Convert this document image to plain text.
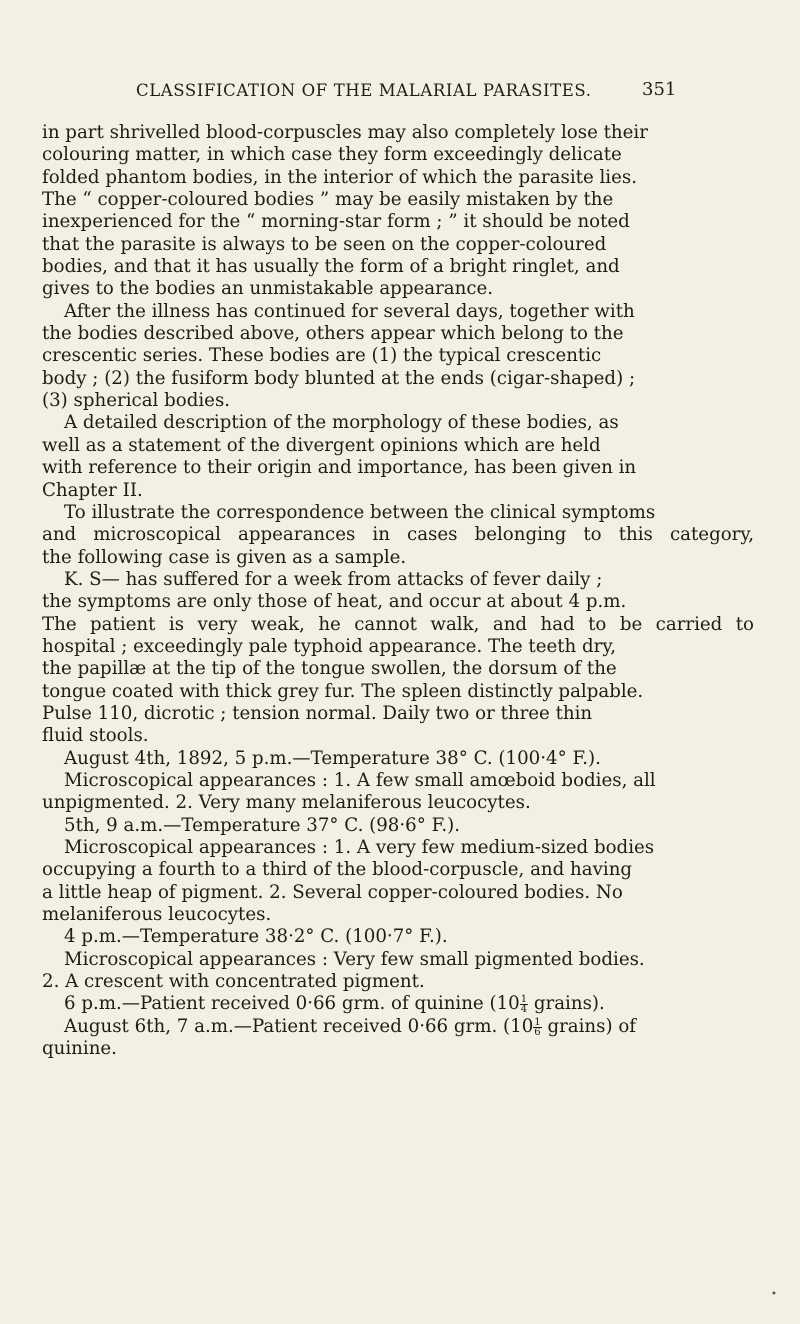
CLASSIFICATION OF THE MALARIAL PARASITES.	351
in part shrivelled blood-corpuscles may also completely lose their
colouring matter, in which case they form exceedingly delicate
folded phantom bodies, in the interior of which the parasite lies.
The “ copper-coloured bodies ” may be easily mistaken by the
inexperienced for the “ morning-star form ; ” it should be noted
that the parasite is always to be seen on the copper-coloured
bodies, and that it has usually the form of a bright ringlet, and
gives to the bodies an unmistakable appearance.
After the illness has continued for several days, together with
the bodies described above, others appear which belong to the
crescentic series. These bodies are (1) the typical crescentic
body ; (2) the fusiform body blunted at the ends (cigar-shaped) ;
(3) spherical bodies.
A detailed description of the morphology of these bodies, as
well as a statement of the divergent opinions which are held
with reference to their origin and importance, has been given in
Chapter II.
To illustrate the correspondence between the clinical symptoms
and microscopical appearances in cases belonging to this category,
the following case is given as a sample.
K. S— has suffered for a week from attacks of fever daily ;
the symptoms are only those of heat, and occur at about 4 p.m.
The patient is very weak, he cannot walk, and had to be carried to
hospital ; exceedingly pale typhoid appearance. The teeth dry,
the papillæ at the tip of the tongue swollen, the dorsum of the
tongue coated with thick grey fur. The spleen distinctly palpable.
Pulse 110, dicrotic ; tension normal. Daily two or three thin
fluid stools.
August 4th, 1892, 5 p.m.—Temperature 38° C. (100·4° F.).
Microscopical appearances : 1. A few small amœboid bodies, all
unpigmented. 2. Very many melaniferous leucocytes.
5th, 9 a.m.—Temperature 37° C. (98·6° F.).
Microscopical appearances : 1. A very few medium-sized bodies
occupying a fourth to a third of the blood-corpuscle, and having
a little heap of pigment. 2. Several copper-coloured bodies. No
melaniferous leucocytes.
4 p.m.—Temperature 38·2° C. (100·7° F.).
Microscopical appearances : Very few small pigmented bodies.
2. A crescent with concentrated pigment.
6 p.m.—Patient received 0·66 grm. of quinine ($10 \frac{1}{4}$ grains).
August 6th, 7 a.m.—Patient received 0·66 grm. ($10 \frac{1}{6}$ grains) of
quinine.
•
